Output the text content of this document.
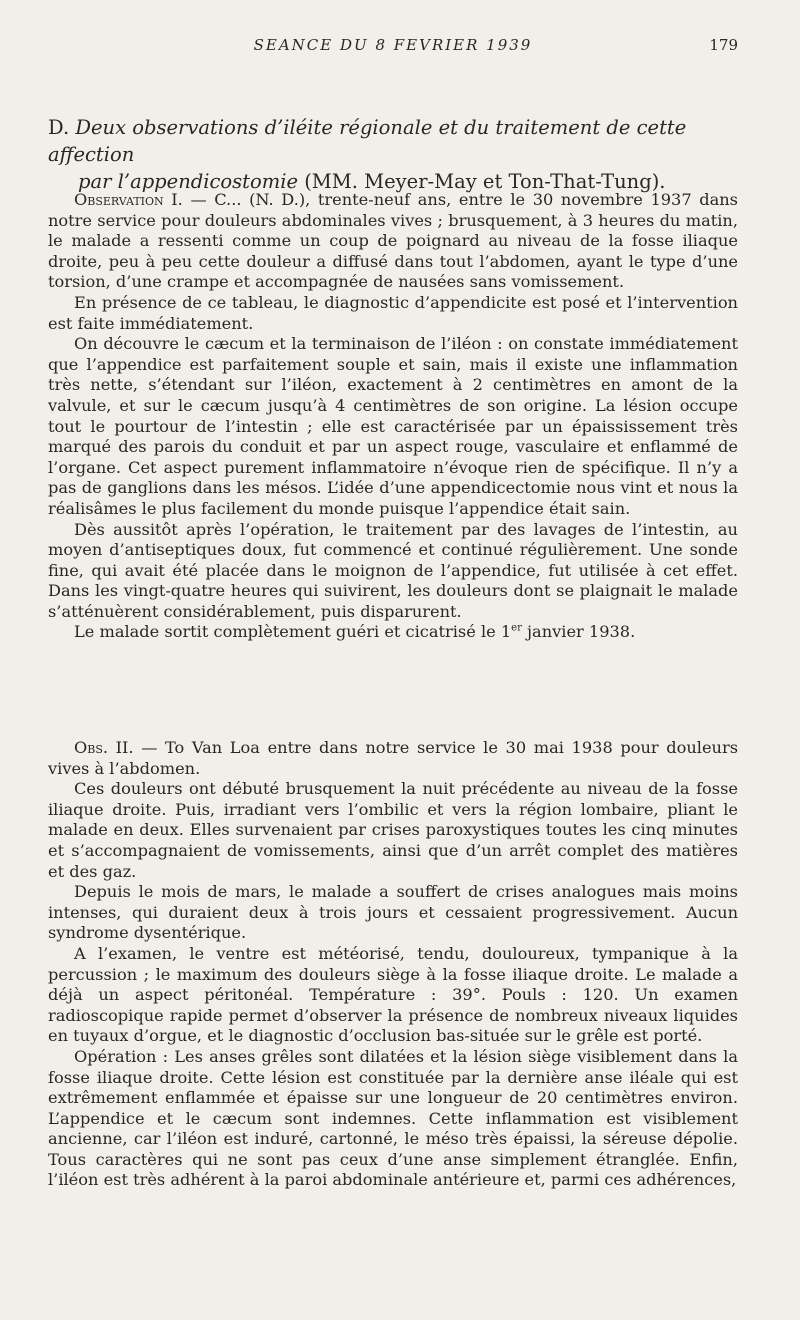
SEANCE DU 8 FEVRIER 1939	179
D. Deux observations d’iléite régionale et du traitement de cette affection
par l’appendicostomie (MM. Meyer-May et Ton-That-Tung).

Observation I. — C... (N. D.), trente-neuf ans, entre le 30 novembre 1937 dans notre service pour douleurs abdominales vives ; brusquement, à 3 heures du matin, le malade a ressenti comme un coup de poignard au niveau de la fosse iliaque droite, peu à peu cette douleur a diffusé dans tout l’abdomen, ayant le type d’une torsion, d’une crampe et accompagnée de nausées sans vomissement.

En présence de ce tableau, le diagnostic d’appendicite est posé et l’intervention est faite immédiatement.

On découvre le cæcum et la terminaison de l’iléon : on constate immédiatement que l’appendice est parfaitement souple et sain, mais il existe une inflammation très nette, s’étendant sur l’iléon, exactement à 2 centimètres en amont de la valvule, et sur le cæcum jusqu’à 4 centimètres de son origine. La lésion occupe tout le pourtour de l’intestin ; elle est caractérisée par un épaississement très marqué des parois du conduit et par un aspect rouge, vasculaire et enflammé de l’organe. Cet aspect purement inflammatoire n’évoque rien de spécifique. Il n’y a pas de ganglions dans les mésos. L’idée d’une appendicectomie nous vint et nous la réalisâmes le plus facilement du monde puisque l’appendice était sain.

Dès aussitôt après l’opération, le traitement par des lavages de l’intestin, au moyen d’antiseptiques doux, fut commencé et continué régulièrement. Une sonde fine, qui avait été placée dans le moignon de l’appendice, fut utilisée à cet effet. Dans les vingt-quatre heures qui suivirent, les douleurs dont se plaignait le malade s’atténuèrent considérablement, puis disparurent.

Le malade sortit complètement guéri et cicatrisé le 1er janvier 1938.

Obs. II. — To Van Loa entre dans notre service le 30 mai 1938 pour douleurs vives à l’abdomen.

Ces douleurs ont débuté brusquement la nuit précédente au niveau de la fosse iliaque droite. Puis, irradiant vers l’ombilic et vers la région lombaire, pliant le malade en deux. Elles survenaient par crises paroxystiques toutes les cinq minutes et s’accompagnaient de vomissements, ainsi que d’un arrêt complet des matières et des gaz.

Depuis le mois de mars, le malade a souffert de crises analogues mais moins intenses, qui duraient deux à trois jours et cessaient progressivement. Aucun syndrome dysentérique.

A l’examen, le ventre est météorisé, tendu, douloureux, tympanique à la percussion ; le maximum des douleurs siège à la fosse iliaque droite. Le malade a déjà un aspect péritonéal. Température : 39°. Pouls : 120. Un examen radioscopique rapide permet d’observer la présence de nombreux niveaux liquides en tuyaux d’orgue, et le diagnostic d’occlusion bas-située sur le grêle est porté.

Opération : Les anses grêles sont dilatées et la lésion siège visiblement dans la fosse iliaque droite. Cette lésion est constituée par la dernière anse iléale qui est extrêmement enflammée et épaisse sur une longueur de 20 centimètres environ. L’appendice et le cæcum sont indemnes. Cette inflammation est visiblement ancienne, car l’iléon est induré, cartonné, le méso très épaissi, la séreuse dépolie. Tous caractères qui ne sont pas ceux d’une anse simplement étranglée. Enfin, l’iléon est très adhérent à la paroi abdominale antérieure et, parmi ces adhérences,
